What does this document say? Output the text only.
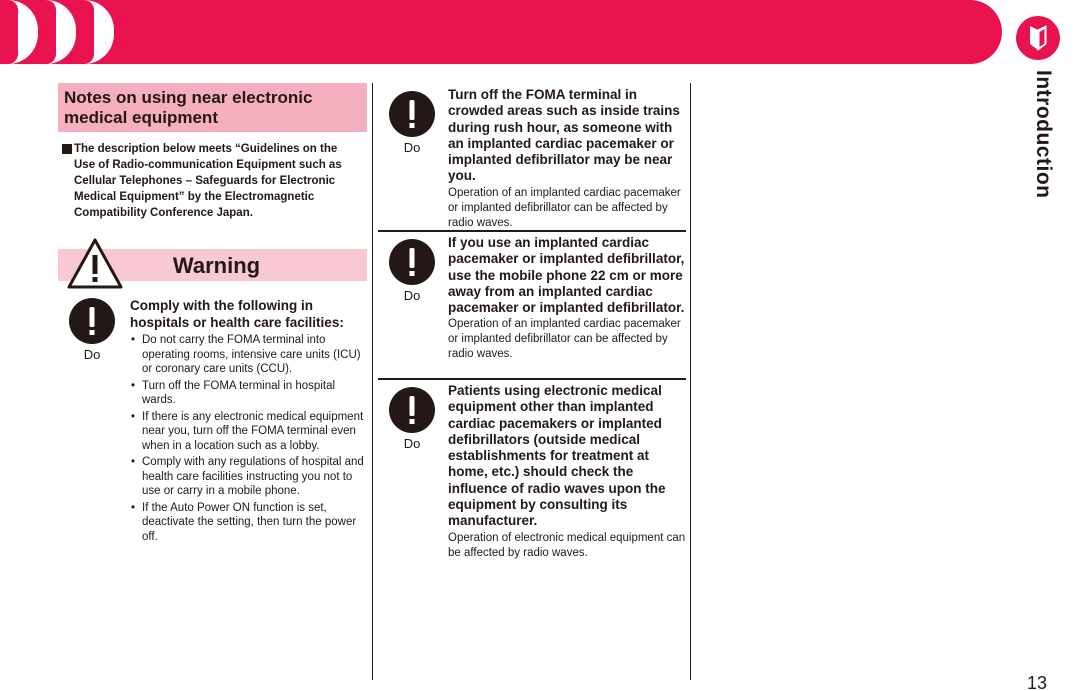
Introduction
Notes on using near electronic medical equipment
The description below meets “Guidelines on the Use of Radio-communication Equipment such as Cellular Telephones – Safeguards for Electronic Medical Equipment” by the Electromagnetic Compatibility Conference Japan.
Warning
Do
Comply with the following in hospitals or health care facilities:
• Do not carry the FOMA terminal into operating rooms, intensive care units (ICU) or coronary care units (CCU).
• Turn off the FOMA terminal in hospital wards.
• If there is any electronic medical equipment near you, turn off the FOMA terminal even when in a location such as a lobby.
• Comply with any regulations of hospital and health care facilities instructing you not to use or carry in a mobile phone.
• If the Auto Power ON function is set, deactivate the setting, then turn the power off.
Do
Turn off the FOMA terminal in crowded areas such as inside trains during rush hour, as someone with an implanted cardiac pacemaker or implanted defibrillator may be near you.
Operation of an implanted cardiac pacemaker or implanted defibrillator can be affected by radio waves.
Do
If you use an implanted cardiac pacemaker or implanted defibrillator, use the mobile phone 22 cm or more away from an implanted cardiac pacemaker or implanted defibrillator.
Operation of an implanted cardiac pacemaker or implanted defibrillator can be affected by radio waves.
Do
Patients using electronic medical equipment other than implanted cardiac pacemakers or implanted defibrillators (outside medical establishments for treatment at home, etc.) should check the influence of radio waves upon the equipment by consulting its manufacturer.
Operation of electronic medical equipment can be affected by radio waves.
13
